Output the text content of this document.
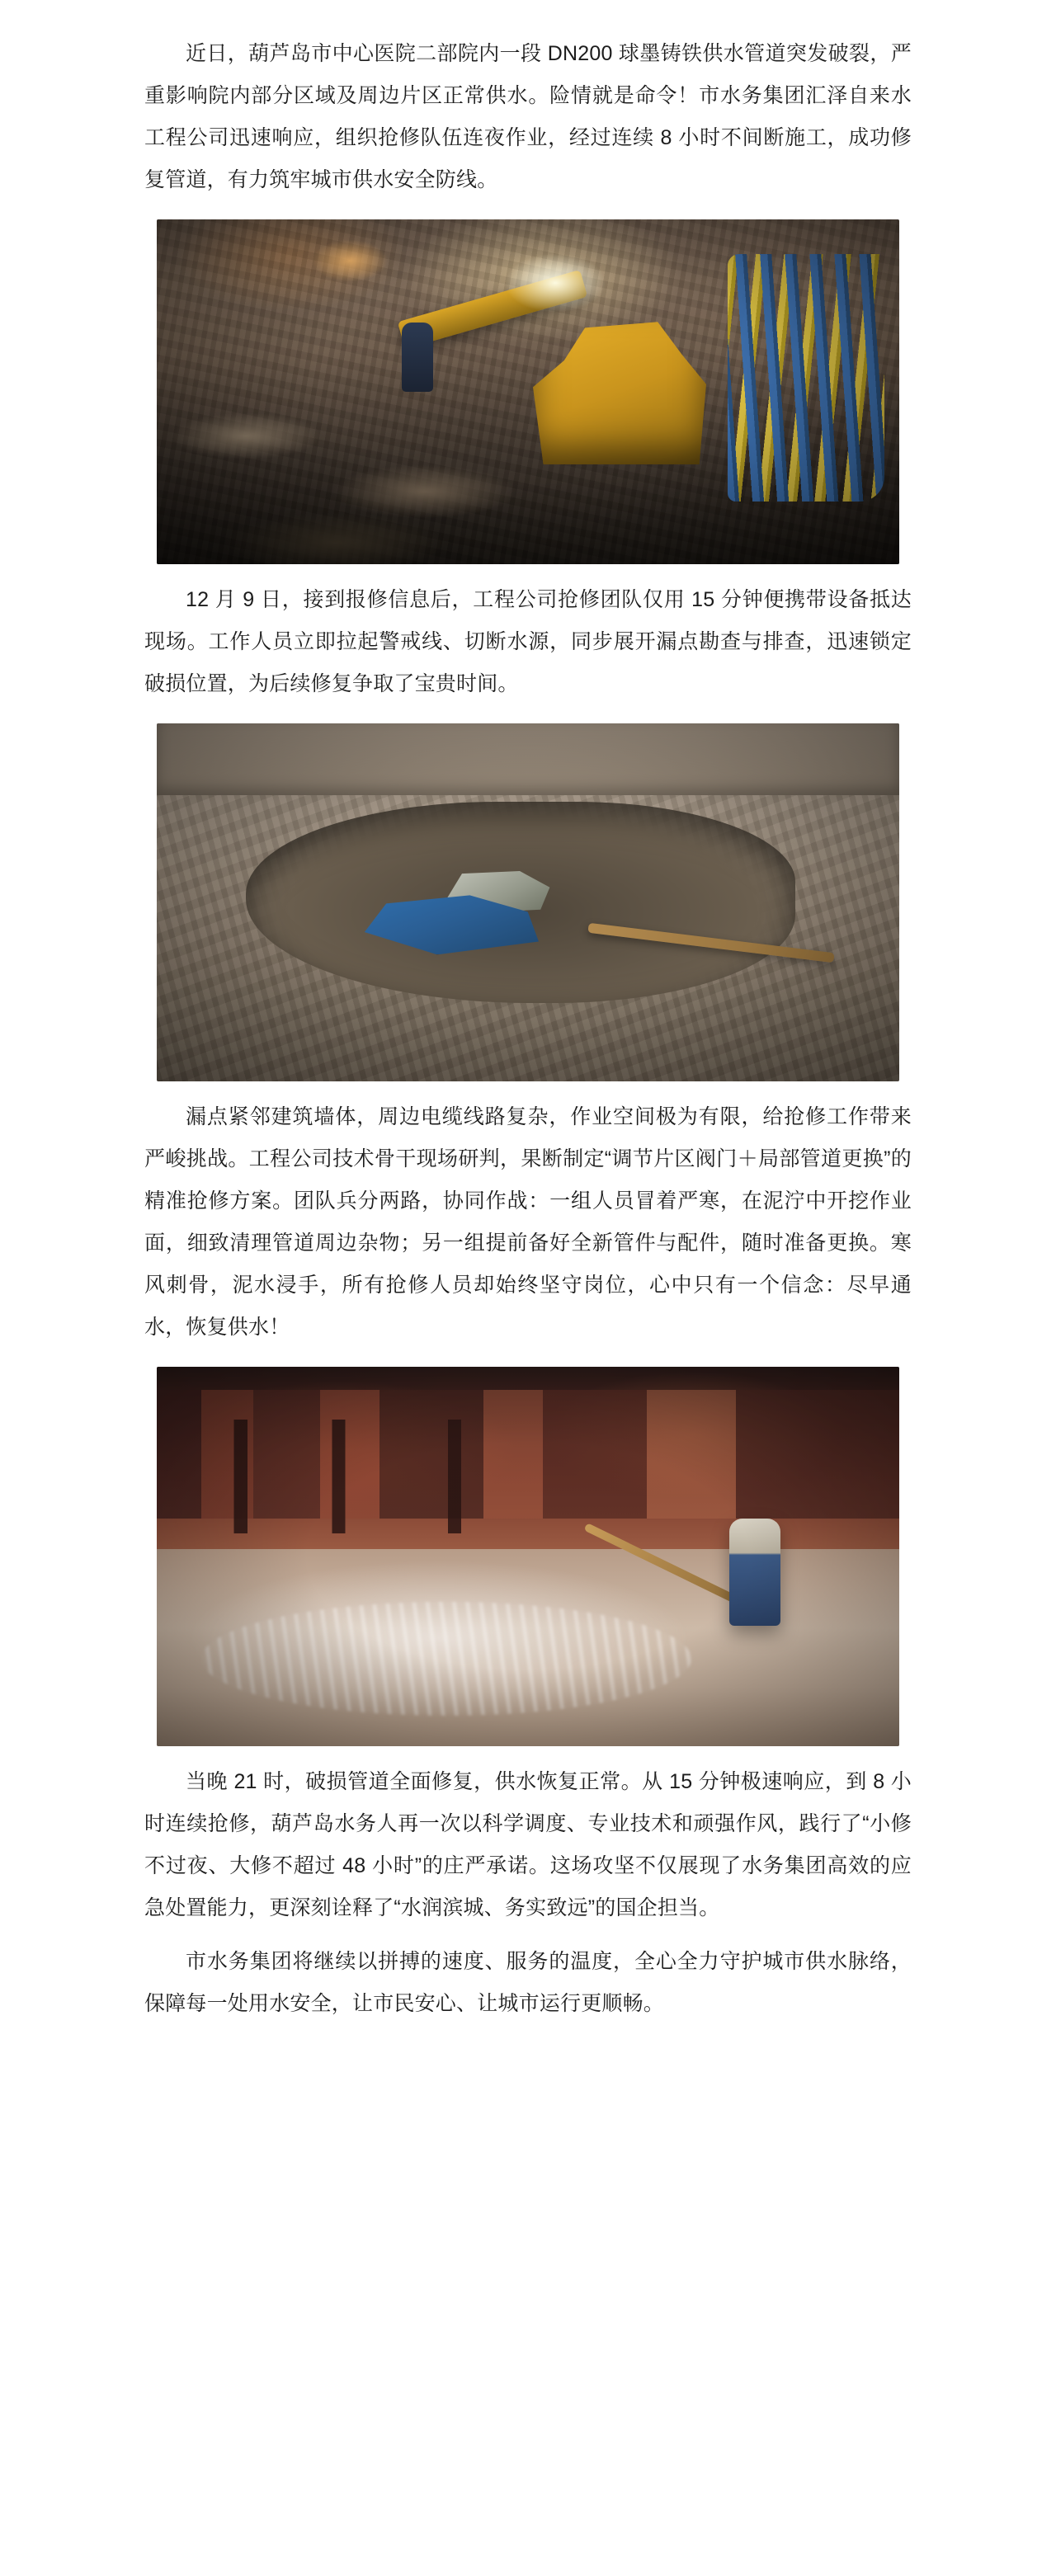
近日，葫芦岛市中心医院二部院内一段 DN200 球墨铸铁供水管道突发破裂，严重影响院内部分区域及周边片区正常供水。险情就是命令！市水务集团汇泽自来水工程公司迅速响应，组织抢修队伍连夜作业，经过连续 8 小时不间断施工，成功修复管道，有力筑牢城市供水安全防线。

12 月 9 日，接到报修信息后，工程公司抢修团队仅用 15 分钟便携带设备抵达现场。工作人员立即拉起警戒线、切断水源，同步展开漏点勘查与排查，迅速锁定破损位置，为后续修复争取了宝贵时间。

漏点紧邻建筑墙体，周边电缆线路复杂，作业空间极为有限，给抢修工作带来严峻挑战。工程公司技术骨干现场研判，果断制定“调节片区阀门＋局部管道更换”的精准抢修方案。团队兵分两路，协同作战：一组人员冒着严寒，在泥泞中开挖作业面，细致清理管道周边杂物；另一组提前备好全新管件与配件，随时准备更换。寒风刺骨，泥水浸手，所有抢修人员却始终坚守岗位，心中只有一个信念：尽早通水，恢复供水！

当晚 21 时，破损管道全面修复，供水恢复正常。从 15 分钟极速响应，到 8 小时连续抢修，葫芦岛水务人再一次以科学调度、专业技术和顽强作风，践行了“小修不过夜、大修不超过 48 小时”的庄严承诺。这场攻坚不仅展现了水务集团高效的应急处置能力，更深刻诠释了“水润滨城、务实致远”的国企担当。

市水务集团将继续以拼搏的速度、服务的温度，全心全力守护城市供水脉络，保障每一处用水安全，让市民安心、让城市运行更顺畅。
